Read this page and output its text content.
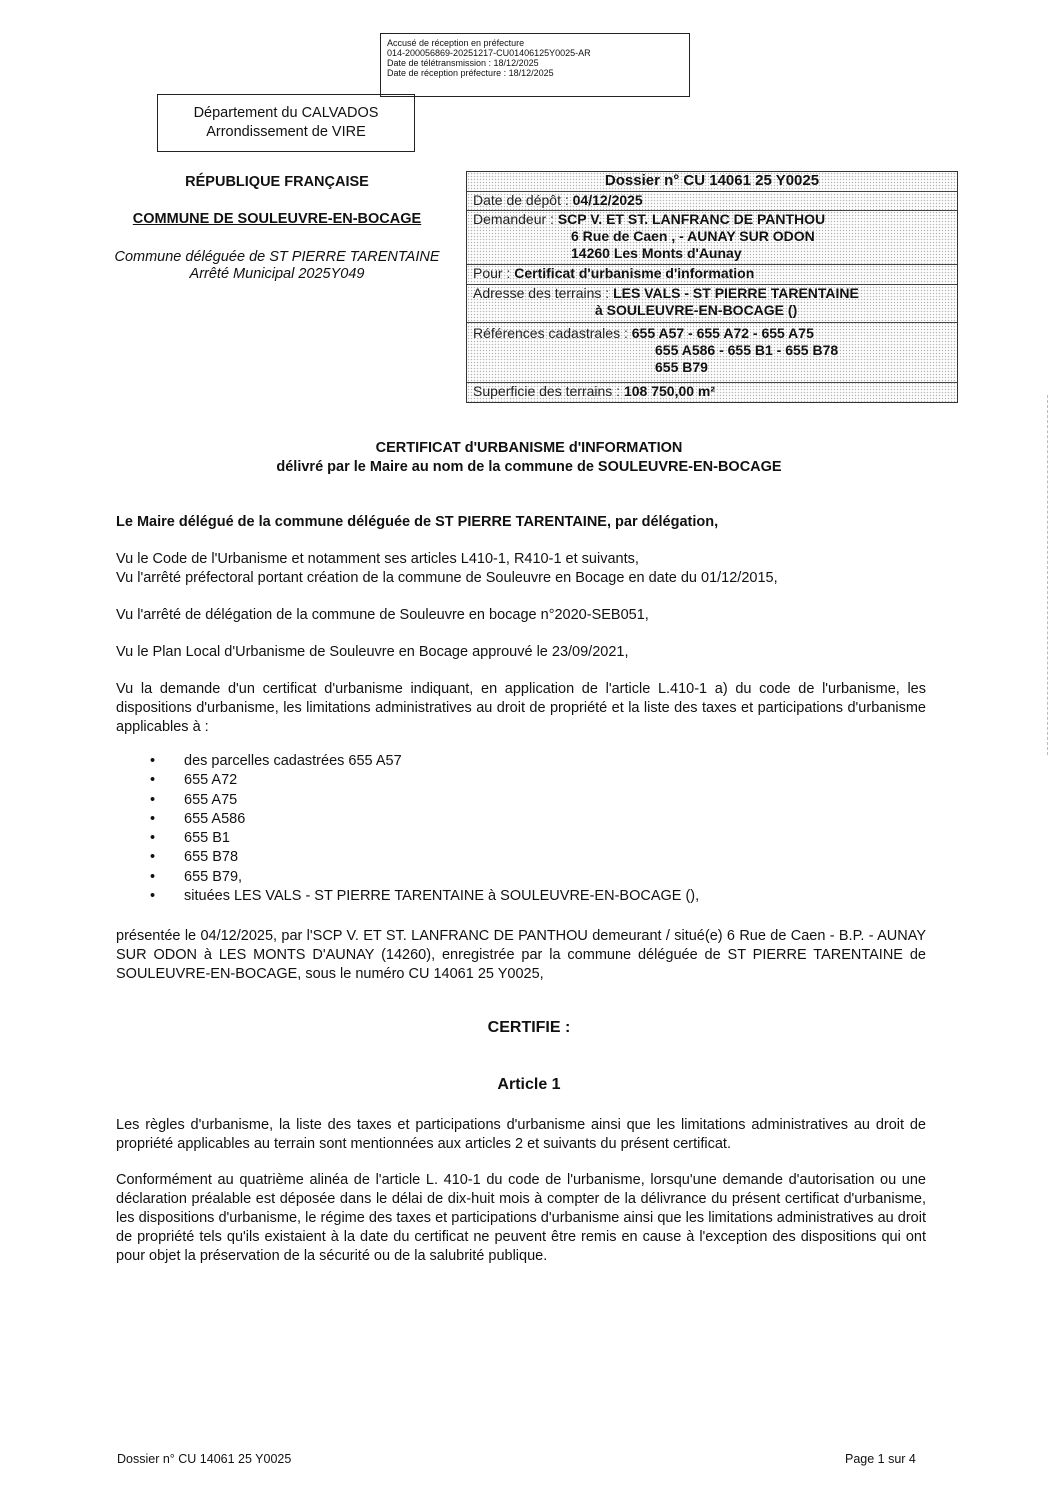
Accusé de réception en préfecture
014-200056869-20251217-CU01406125Y0025-AR
Date de télétransmission : 18/12/2025
Date de réception préfecture : 18/12/2025
Département du CALVADOS
Arrondissement de VIRE
RÉPUBLIQUE FRANÇAISE
COMMUNE DE SOULEUVRE-EN-BOCAGE
Commune déléguée de ST PIERRE TARENTAINE
Arrêté Municipal 2025Y049
Dossier n° CU 14061 25 Y0025
Date de dépôt : 04/12/2025
Demandeur : SCP V. ET ST. LANFRANC DE PANTHOU
6 Rue de Caen , - AUNAY SUR ODON
14260 Les Monts d'Aunay
Pour : Certificat d'urbanisme d'information
Adresse des terrains : LES VALS - ST PIERRE TARENTAINE
à SOULEUVRE-EN-BOCAGE ()
Références cadastrales : 655 A57 - 655 A72 - 655 A75
655 A586 - 655 B1 - 655 B78
655 B79
Superficie des terrains : 108 750,00 m²
CERTIFICAT d'URBANISME d'INFORMATION
délivré par le Maire au nom de la commune de SOULEUVRE-EN-BOCAGE

Le Maire délégué de la commune déléguée de ST PIERRE TARENTAINE, par délégation,

Vu le Code de l'Urbanisme et notamment ses articles L410-1, R410-1 et suivants,

Vu l'arrêté préfectoral portant création de la commune de Souleuvre en Bocage en date du 01/12/2015,

Vu l'arrêté de délégation de la commune de Souleuvre en bocage n°2020-SEB051,

Vu le Plan Local d'Urbanisme de Souleuvre en Bocage approuvé le 23/09/2021,

Vu la demande d'un certificat d'urbanisme indiquant, en application de l'article L.410-1 a) du code de l'urbanisme, les dispositions d'urbanisme, les limitations administratives au droit de propriété et la liste des taxes et participations d'urbanisme applicables à :

• des parcelles cadastrées 655 A57
• 655 A72
• 655 A75
• 655 A586
• 655 B1
• 655 B78
• 655 B79,
• situées LES VALS - ST PIERRE TARENTAINE à SOULEUVRE-EN-BOCAGE (),

présentée le 04/12/2025, par l'SCP V. ET ST. LANFRANC DE PANTHOU demeurant / situé(e) 6 Rue de Caen - B.P. - AUNAY SUR ODON à LES MONTS D'AUNAY (14260), enregistrée par la commune déléguée de ST PIERRE TARENTAINE de SOULEUVRE-EN-BOCAGE, sous le numéro CU 14061 25 Y0025,

CERTIFIE :
Article 1

Les règles d'urbanisme, la liste des taxes et participations d'urbanisme ainsi que les limitations administratives au droit de propriété applicables au terrain sont mentionnées aux articles 2 et suivants du présent certificat.

Conformément au quatrième alinéa de l'article L. 410-1 du code de l'urbanisme, lorsqu'une demande d'autorisation ou une déclaration préalable est déposée dans le délai de dix-huit mois à compter de la délivrance du présent certificat d'urbanisme, les dispositions d'urbanisme, le régime des taxes et participations d'urbanisme ainsi que les limitations administratives au droit de propriété tels qu'ils existaient à la date du certificat ne peuvent être remis en cause à l'exception des dispositions qui ont pour objet la préservation de la sécurité ou de la salubrité publique.

Dossier n° CU 14061 25 Y0025	Page 1 sur 4
